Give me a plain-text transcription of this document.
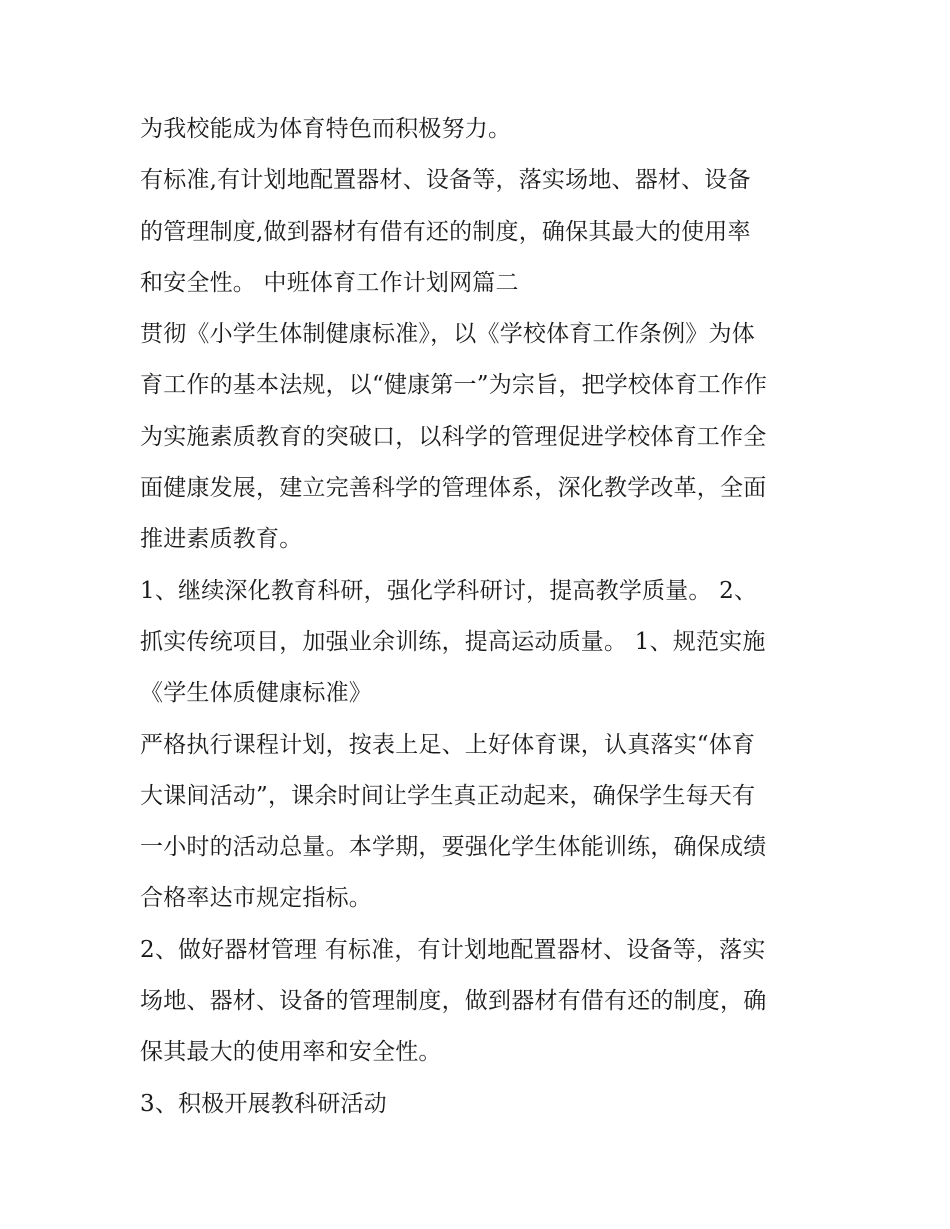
为我校能成为体育特色而积极努力。
有标准,有计划地配置器材、设备等，落实场地、器材、设备
的管理制度,做到器材有借有还的制度，确保其最大的使用率
和安全性。 中班体育工作计划网篇二
贯彻《小学生体制健康标准》，以《学校体育工作条例》为体
育工作的基本法规，以“健康第一”为宗旨，把学校体育工作作
为实施素质教育的突破口，以科学的管理促进学校体育工作全
面健康发展，建立完善科学的管理体系，深化教学改革，全面
推进素质教育。
1、继续深化教育科研，强化学科研讨，提高教学质量。 2、
抓实传统项目，加强业余训练，提高运动质量。 1、规范实施
《学生体质健康标准》
严格执行课程计划，按表上足、上好体育课，认真落实“体育
大课间活动”，课余时间让学生真正动起来，确保学生每天有
一小时的活动总量。本学期，要强化学生体能训练，确保成绩
合格率达市规定指标。
2、做好器材管理 有标准，有计划地配置器材、设备等，落实
场地、器材、设备的管理制度，做到器材有借有还的制度，确
保其最大的使用率和安全性。
3、积极开展教科研活动
